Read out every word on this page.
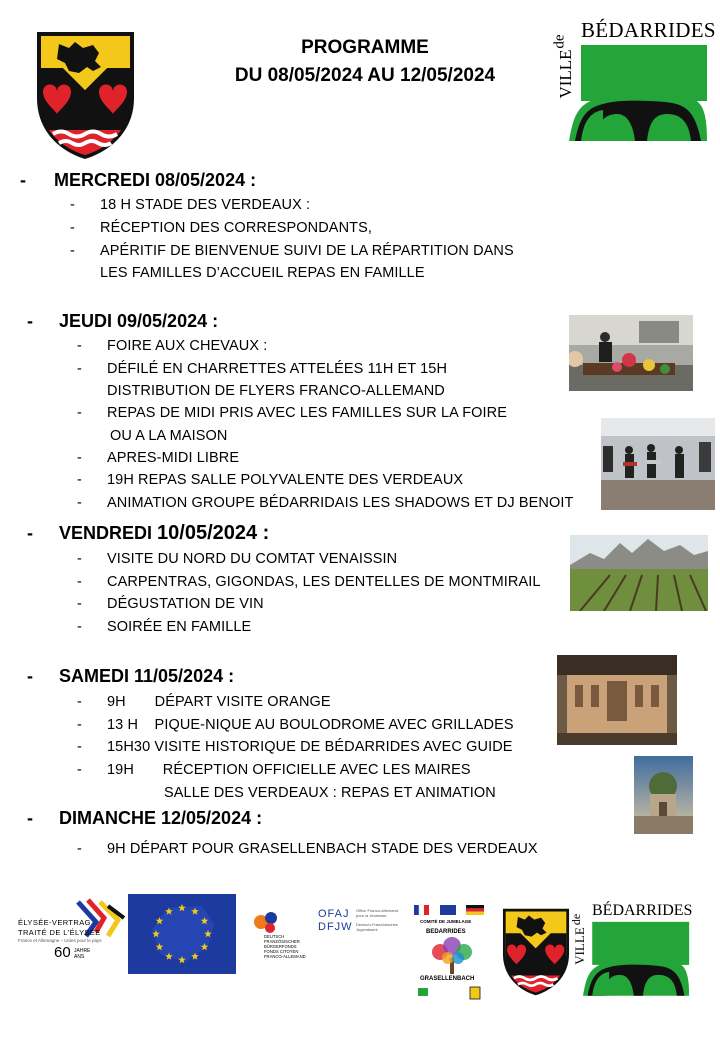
PROGRAMME
DU 08/05/2024 AU 12/05/2024	VILLE
de BÉDARRIDES
- MERCREDI 08/05/2024 :
- 18 H STADE DES VERDEAUX :
- RÉCEPTION DES CORRESPONDANTS,
- APÉRITIF DE BIENVENUE SUIVI DE LA RÉPARTITION DANS
LES FAMILLES D’ACCUEIL REPAS EN FAMILLE
- JEUDI 09/05/2024 :
- FOIRE AUX CHEVAUX :
- DÉFILÉ EN CHARRETTES ATTELÉES 11H ET 15H
DISTRIBUTION DE FLYERS FRANCO-ALLEMAND
- REPAS DE MIDI PRIS AVEC LES FAMILLES SUR LA FOIRE
OU A LA MAISON
- APRES-MIDI LIBRE
- 19H REPAS SALLE POLYVALENTE DES VERDEAUX
- ANIMATION GROUPE BÉDARRIDAIS LES SHADOWS ET DJ BENOIT
- VENDREDI 10/05/2024 :
- VISITE DU NORD DU COMTAT VENAISSIN
- CARPENTRAS, GIGONDAS, LES DENTELLES DE MONTMIRAIL
- DÉGUSTATION DE VIN
- SOIRÉE EN FAMILLE
- SAMEDI 11/05/2024 :
- 9H       DÉPART VISITE ORANGE
- 13 H    PIQUE-NIQUE AU BOULODROME AVEC GRILLADES
- 15H30 VISITE HISTORIQUE DE BÉDARRIDES AVEC GUIDE
- 19H       RÉCEPTION OFFICIELLE AVEC LES MAIRES
SALLE DES VERDEAUX : REPAS ET ANIMATION
- DIMANCHE 12/05/2024 :
- 9H DÉPART POUR GRASELLENBACH STADE DES VERDEAUX
ÉLYSÉE-VERTRAG
TRAITÉ DE L'ÉLYSÉE
France et Allemagne – Unies pour le pays
60 JAHRE ANS
DEUTSCH
FRANZÖSISCHER
BÜRGERFONDS
FONDS CITOYEN
FRANCO-ALLEMAND
OFAJ
DFJW
Office Franco-Allemand
pour la Jeunesse
Deutsch-Französisches
Jugendwerk
COMITÉ DE JUMELAGE
BEDARRIDES
GRASELLENBACH
VILLE
de
BÉDARRIDES
